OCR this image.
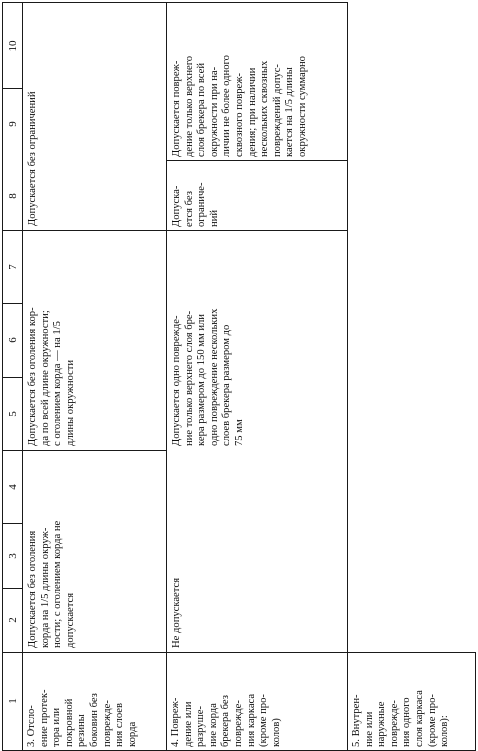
1
2
3
4
5
6
7
8
9
10
3. Отсло-
ение протек-
тора или
покровной
резины
боковин без
поврежде-
ния слоев
корда
Допускается без оголения
корда на 1/5 длины окруж-
ности; с оголением корда не
допускается
Допускается без оголения кор-
да по всей длине окружности;
с оголением корда — на 1/5
длины окружности
Допускается без ограничений
4. Повреж-
дение или
разруше-
ние корда
брекера без
поврежде-
ния каркаса
(кроме про-
колов)
Не допускается
Допускается одно поврежде-
ние только верхнего слоя бре-
кера размером до 150 мм или
одно повреждение нескольких
слоев брекера размером до
75 мм
Допуска-
ется без
ограниче-
ний
Допускается повреж-
дение только верхнего
слоя брекера по всей
окружности при на-
личии не более одного
сквозного повреж-
дения; при наличии
нескольких сквозных
повреждений допус-
кается на 1/5 длины
окружности суммарно
5. Внутрен-
ние или
наружные
поврежде-
ния одного
слоя каркаса
(кроме про-
колов):
